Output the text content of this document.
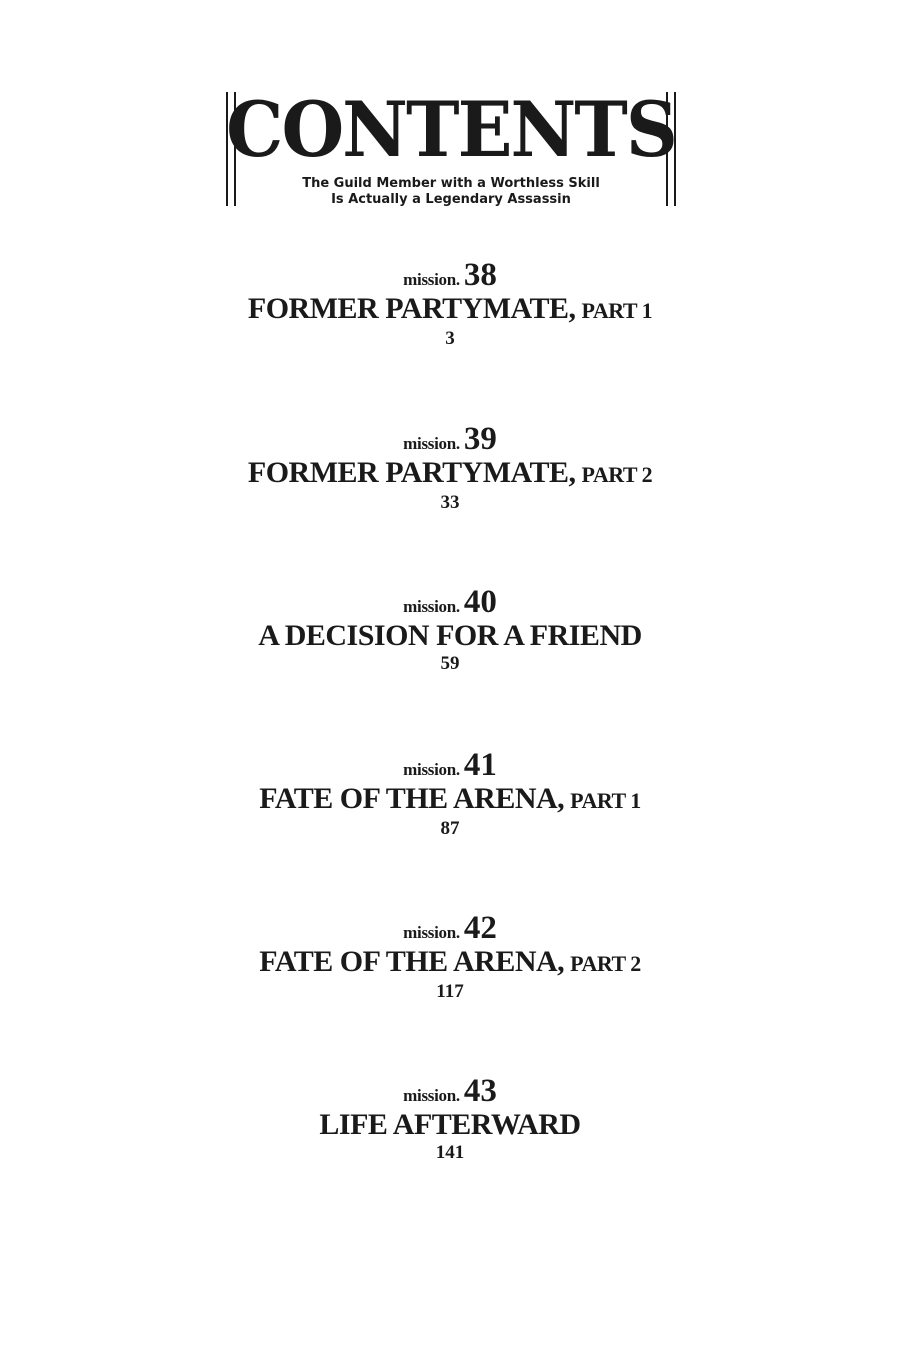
CONTENTS
The Guild Member with a Worthless Skill
Is Actually a Legendary Assassin
mission. 38
FORMER PARTYMATE, PART 1
3
mission. 39
FORMER PARTYMATE, PART 2
33
mission. 40
A DECISION FOR A FRIEND
59
mission. 41
FATE OF THE ARENA, PART 1
87
mission. 42
FATE OF THE ARENA, PART 2
117
mission. 43
LIFE AFTERWARD
141
